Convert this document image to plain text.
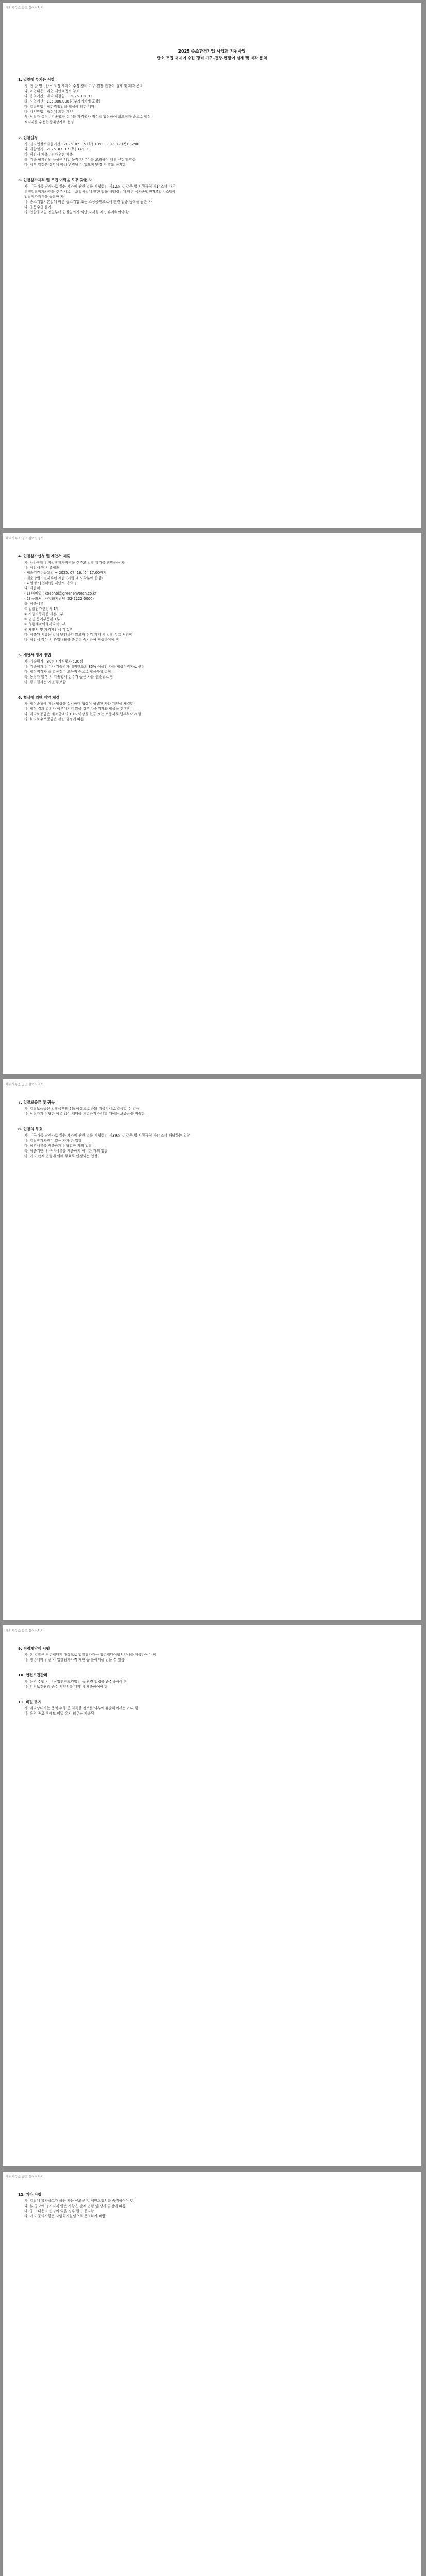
해외사무소 공고 참여신청서
2025 중소환경기업 사업화 지원사업
탄소 포집 재이어 수집 장비 기구-전장-현장이 설계 및 제작 용역
1. 입찰에 부치는 사항
가. 입 찰 명 : 탄소 포집 재이어 수집 장비 기구-전장-현장이 설계 및 제작 용역
나. 과업내용 : 과업 제안요청서 참조
다. 용역기간 : 계약 체결일 ~ 2025. 08. 31.
라. 사업예산 : 135,000,000원(부가가치세 포함)
마. 입찰방법 : 제한경쟁입찰(협상에 의한 계약)
바. 계약방법 : 협상에 의한 계약
사. 낙찰자 결정 : 기술평가 점수와 가격평가 점수를 합산하여 최고점자 순으로 협상
적격자를 우선협상대상자로 선정
2. 입찰일정
가. 전자입찰서제출기간 : 2025. 07. 15.(화) 10:00 ~ 07. 17.(목) 12:00
나. 개찰일시 : 2025. 07. 17.(목) 14:00
다. 제안서 제출 : 전자우편 제출
라. 기술 평가위원 구성은 사업 목적 및 분야를 고려하여 내부 규정에 따름
마. 세부 일정은 상황에 따라 변경될 수 있으며 변경 시 별도 공지함
3. 입찰참가자격 및 조건 이력을 모두 갖춘 자
가. 「국가를 당사자로 하는 계약에 관한 법률 시행령」 제12조 및 같은 법 시행규칙 제14조에 따른
경쟁입찰참가자격을 갖춘 자로 「조달사업에 관한 법률 시행령」에 따른 국가종합전자조달시스템에
입찰참가자격을 등록한 자
나. 중소기업기본법에 따른 중소기업 또는 소상공인으로서 관련 업종 등록을 필한 자
다. 공동수급 불가
라. 입찰공고일 전일부터 입찰일까지 해당 자격을 계속 유지하여야 함
해외사무소 공고 참여신청서
4. 입찰참가신청 및 제안서 제출
가. 나라장터 전자입찰참가자격을 갖추고 입찰 참가를 희망하는 자
나. 제안서 및 서류제출
- 제출기간 : 공고일 ~ 2025. 07. 16.(수) 17:00까지
- 제출방법 : 전자우편 제출 (기한 내 도착분에 한함)
- 파일명 : [업체명]_제안서_용역명
다. 제출처
- 1) 이메일 : kbeonbi@greenenvtech.co.kr
- 2) 문의처 : 사업화지원팀 (02-2222-0000)
라. 제출서류
① 입찰참가신청서 1부
② 사업자등록증 사본 1부
③ 법인 등기부등본 1부
④ 청렴계약이행서약서 1부
⑤ 제안서 및 가격제안서 각 1부
마. 제출된 서류는 일체 반환하지 않으며 허위 기재 시 입찰 무효 처리함
바. 제안서 작성 시 과업내용을 충분히 숙지하여 작성하여야 함
5. 제안서 평가 방법
가. 기술평가 : 80점 / 가격평가 : 20점
나. 기술평가 점수가 기술평가 배점한도의 85% 이상인 자를 협상적격자로 선정
다. 협상적격자 중 합산점수 고득점 순으로 협상순위 결정
라. 동점자 발생 시 기술평가 점수가 높은 자를 선순위로 함
마. 평가결과는 개별 통보함
6. 협상에 의한 계약 체결
가. 협상순위에 따라 협상을 실시하며 협상이 성립된 자와 계약을 체결함
나. 협상 결과 합의가 이루어지지 않을 경우 차순위자와 협상을 진행함
다. 계약보증금은 계약금액의 10% 이상을 현금 또는 보증서로 납부하여야 함
라. 하자보수보증금은 관련 규정에 따름
해외사무소 공고 참여신청서
7. 입찰보증금 및 귀속
가. 입찰보증금은 입찰금액의 5% 이상으로 하되 지급각서로 갈음할 수 있음
나. 낙찰자가 정당한 이유 없이 계약을 체결하지 아니할 때에는 보증금을 귀속함
8. 입찰의 무효
가. 「국가를 당사자로 하는 계약에 관한 법률 시행령」 제39조 및 같은 법 시행규칙 제44조에 해당하는 입찰
나. 입찰참가자격이 없는 자가 한 입찰
다. 허위서류를 제출하거나 담합한 자의 입찰
라. 제출기한 내 구비서류를 제출하지 아니한 자의 입찰
마. 기타 관계 법령에 의해 무효로 인정되는 입찰
해외사무소 공고 참여신청서
9. 청렴계약제 시행
가. 본 입찰은 청렴계약제 대상으로 입찰참가자는 청렴계약이행서약서를 제출하여야 함
나. 청렴계약 위반 시 입찰참가자격 제한 등 불이익을 받을 수 있음
10. 안전보건관리
가. 용역 수행 시 「산업안전보건법」 등 관련 법령을 준수하여야 함
나. 안전보건관리 준수 서약서를 계약 시 제출하여야 함
11. 비밀 유지
가. 계약상대자는 용역 수행 중 취득한 정보를 외부에 유출하여서는 아니 됨
나. 용역 종료 후에도 비밀 유지 의무는 지속됨
해외사무소 공고 참여신청서
12. 기타 사항
가. 입찰에 참가하고자 하는 자는 공고문 및 제안요청서를 숙지하여야 함
나. 본 공고에 명시되지 않은 사항은 관계 법령 및 당사 규정에 따름
다. 공고 내용의 변경이 있을 경우 별도 공지함
라. 기타 문의사항은 사업화지원팀으로 문의하기 바람
